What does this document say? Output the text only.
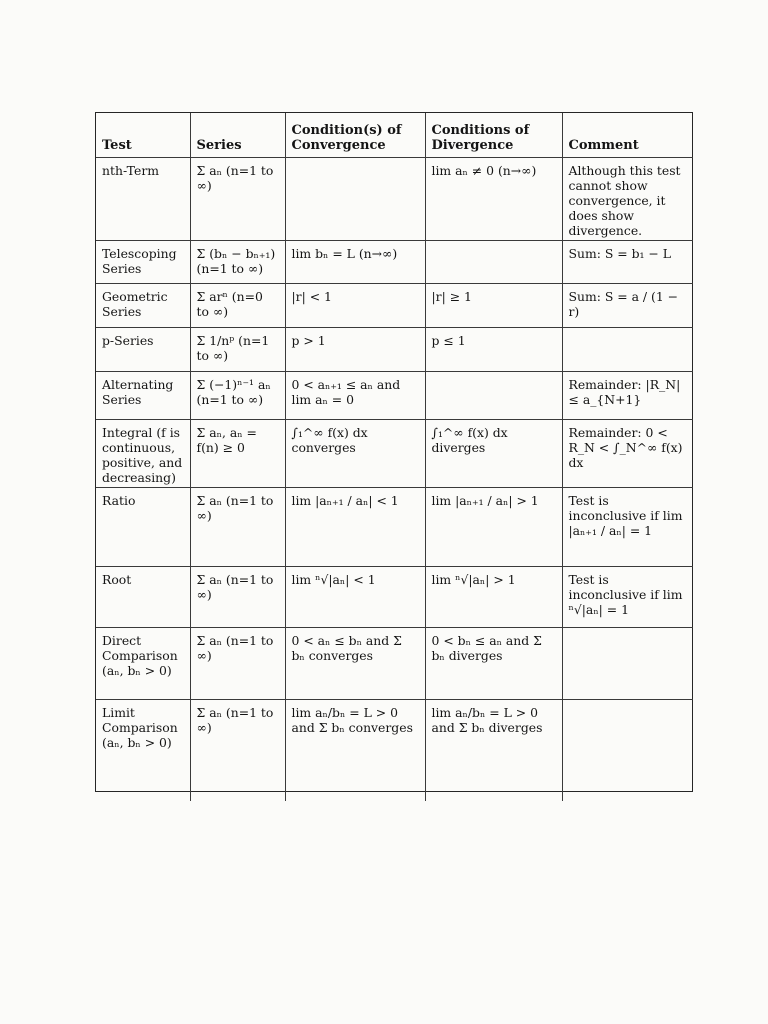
Test	Series	Condition(s) of Convergence	Conditions of Divergence	Comment
nth-Term	Σ aₙ (n=1 to ∞)		lim aₙ ≠ 0 (n→∞)	Although this test cannot show convergence, it does show divergence.
Telescoping Series	Σ (bₙ − bₙ₊₁) (n=1 to ∞)	lim bₙ = L (n→∞)		Sum: S = b₁ − L
Geometric Series	Σ arⁿ (n=0 to ∞)	|r| < 1	|r| ≥ 1	Sum: S = a / (1 − r)
p-Series	Σ 1/nᵖ (n=1 to ∞)	p > 1	p ≤ 1	
Alternating Series	Σ (−1)ⁿ⁻¹ aₙ (n=1 to ∞)	0 < aₙ₊₁ ≤ aₙ and lim aₙ = 0		Remainder: |R_N| ≤ a_{N+1}
Integral (f is continuous, positive, and decreasing)	Σ aₙ, aₙ = f(n) ≥ 0	∫₁^∞ f(x) dx converges	∫₁^∞ f(x) dx diverges	Remainder: 0 < R_N < ∫_N^∞ f(x) dx
Ratio	Σ aₙ (n=1 to ∞)	lim |aₙ₊₁ / aₙ| < 1	lim |aₙ₊₁ / aₙ| > 1	Test is inconclusive if lim |aₙ₊₁ / aₙ| = 1
Root	Σ aₙ (n=1 to ∞)	lim ⁿ√|aₙ| < 1	lim ⁿ√|aₙ| > 1	Test is inconclusive if lim ⁿ√|aₙ| = 1
Direct Comparison (aₙ, bₙ > 0)	Σ aₙ (n=1 to ∞)	0 < aₙ ≤ bₙ and Σ bₙ converges	0 < bₙ ≤ aₙ and Σ bₙ diverges	
Limit Comparison (aₙ, bₙ > 0)	Σ aₙ (n=1 to ∞)	lim aₙ/bₙ = L > 0 and Σ bₙ converges	lim aₙ/bₙ = L > 0 and Σ bₙ diverges	
